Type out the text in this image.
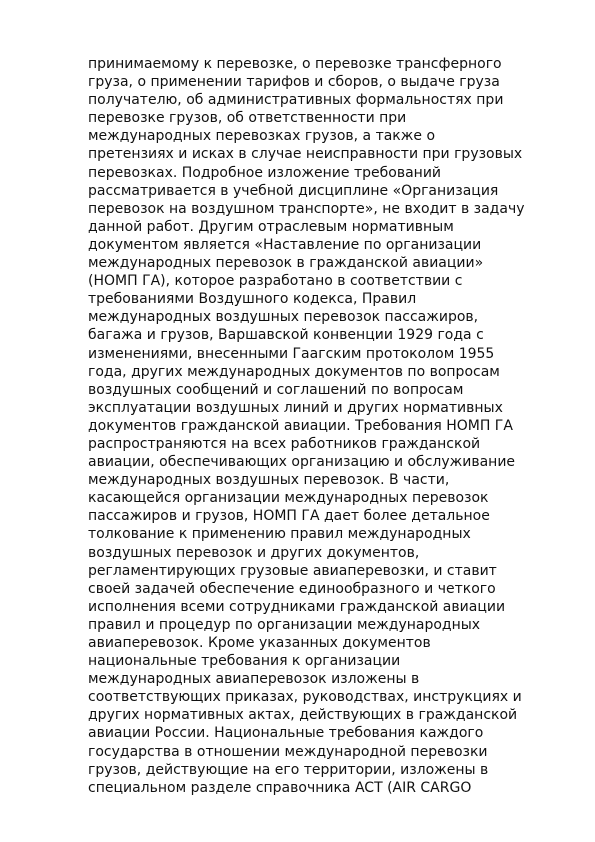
принимаемому к перевозке, о перевозке трансферного
груза, о применении тарифов и сборов, о выдаче груза
получателю, об административных формальностях при
перевозке грузов, об ответственности при
международных перевозках грузов, а также о
претензиях и исках в случае неисправности при грузовых
перевозках. Подробное изложение требований
рассматривается в учебной дисциплине «Организация
перевозок на воздушном транспорте», не входит в задачу
данной работ. Другим отраслевым нормативным
документом является «Наставление по организации
международных перевозок в гражданской авиации»
(НОМП ГА), которое разработано в соответствии с
требованиями Воздушного кодекса, Правил
международных воздушных перевозок пассажиров,
багажа и грузов, Варшавской конвенции 1929 года с
изменениями, внесенными Гаагским протоколом 1955
года, других международных документов по вопросам
воздушных сообщений и соглашений по вопросам
эксплуатации воздушных линий и других нормативных
документов гражданской авиации. Требования НОМП ГА
распространяются на всех работников гражданской
авиации, обеспечивающих организацию и обслуживание
международных воздушных перевозок. В части,
касающейся организации международных перевозок
пассажиров и грузов, НОМП ГА дает более детальное
толкование к применению правил международных
воздушных перевозок и других документов,
регламентирующих грузовые авиаперевозки, и ставит
своей задачей обеспечение единообразного и четкого
исполнения всеми сотрудниками гражданской авиации
правил и процедур по организации международных
авиаперевозок. Кроме указанных документов
национальные требования к организации
международных авиаперевозок изложены в
соответствующих приказах, руководствах, инструкциях и
других нормативных актах, действующих в гражданской
авиации России. Национальные требования каждого
государства в отношении международной перевозки
грузов, действующие на его территории, изложены в
специальном разделе справочника ACT (AIR CARGO
